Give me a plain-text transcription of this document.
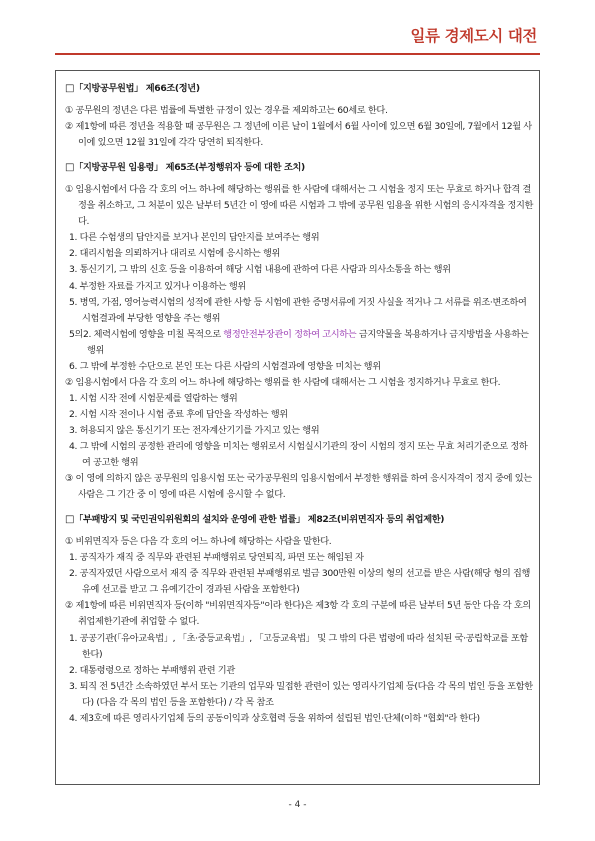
일류 경제도시 대전

□「지방공무원법」 제66조(정년)

① 공무원의 정년은 다른 법률에 특별한 규정이 있는 경우를 제외하고는 60세로 한다.

② 제1항에 따른 정년을 적용할 때 공무원은 그 정년에 이른 날이 1월에서 6월 사이에 있으면 6월 30일에, 7월에서 12월 사이에 있으면 12월 31일에 각각 당연히 퇴직한다.

□「지방공무원 임용령」 제65조(부정행위자 등에 대한 조치)

① 임용시험에서 다음 각 호의 어느 하나에 해당하는 행위를 한 사람에 대해서는 그 시험을 정지 또는 무효로 하거나 합격 결정을 취소하고, 그 처분이 있은 날부터 5년간 이 영에 따른 시험과 그 밖에 공무원 임용을 위한 시험의 응시자격을 정지한다.

1. 다른 수험생의 답안지를 보거나 본인의 답안지를 보여주는 행위

2. 대리시험을 의뢰하거나 대리로 시험에 응시하는 행위

3. 통신기기, 그 밖의 신호 등을 이용하여 해당 시험 내용에 관하여 다른 사람과 의사소통을 하는 행위

4. 부정한 자료를 가지고 있거나 이용하는 행위

5. 병역, 가점, 영어능력시험의 성적에 관한 사항 등 시험에 관한 증명서류에 거짓 사실을 적거나 그 서류를 위조·변조하여 시험결과에 부당한 영향을 주는 행위

5의2. 체력시험에 영향을 미칠 목적으로 행정안전부장관이 정하여 고시하는 금지약물을 복용하거나 금지방법을 사용하는 행위

6. 그 밖에 부정한 수단으로 본인 또는 다른 사람의 시험결과에 영향을 미치는 행위

② 임용시험에서 다음 각 호의 어느 하나에 해당하는 행위를 한 사람에 대해서는 그 시험을 정지하거나 무효로 한다.

1. 시험 시작 전에 시험문제를 열람하는 행위

2. 시험 시작 전이나 시험 종료 후에 답안을 작성하는 행위

3. 허용되지 않은 통신기기 또는 전자계산기기를 가지고 있는 행위

4. 그 밖에 시험의 공정한 관리에 영향을 미치는 행위로서 시험실시기관의 장이 시험의 정지 또는 무효 처리기준으로 정하여 공고한 행위

③ 이 영에 의하지 않은 공무원의 임용시험 또는 국가공무원의 임용시험에서 부정한 행위를 하여 응시자격이 정지 중에 있는 사람은 그 기간 중 이 영에 따른 시험에 응시할 수 없다.

□「부패방지 및 국민권익위원회의 설치와 운영에 관한 법률」 제82조(비위면직자 등의 취업제한)

① 비위면직자 등은 다음 각 호의 어느 하나에 해당하는 사람을 말한다.

1. 공직자가 재직 중 직무와 관련된 부패행위로 당연퇴직, 파면 또는 해임된 자

2. 공직자였던 사람으로서 재직 중 직무와 관련된 부패행위로 벌금 300만원 이상의 형의 선고를 받은 사람(해당 형의 집행유예 선고를 받고 그 유예기간이 경과된 사람을 포함한다)

② 제1항에 따른 비위면직자 등(이하 "비위면직자등"이라 한다)은 제3항 각 호의 구분에 따른 날부터 5년 동안 다음 각 호의 취업제한기관에 취업할 수 없다.

1. 공공기관(「유아교육법」, 「초·중등교육법」, 「고등교육법」 및 그 밖의 다른 법령에 따라 설치된 국·공립학교를 포함한다)

2. 대통령령으로 정하는 부패행위 관련 기관

3. 퇴직 전 5년간 소속하였던 부서 또는 기관의 업무와 밀접한 관련이 있는 영리사기업체 등(다음 각 목의 법인 등을 포함한다) (다음 각 목의 법인 등을 포함한다) / 각 목 참조

4. 제3호에 따른 영리사기업체 등의 공동이익과 상호협력 등을 위하여 설립된 법인·단체(이하 "협회"라 한다)

- 4 -
